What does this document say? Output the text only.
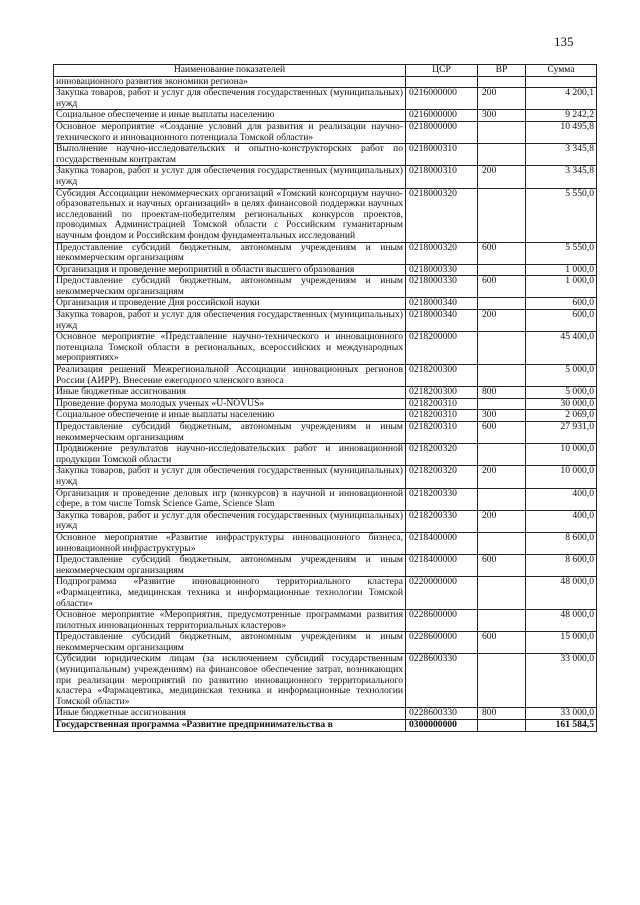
135
Наименование показателей	ЦСР	ВР	Сумма
инновационного развития экономики региона»			
Закупка товаров, работ и услуг для обеспечения государственных (муниципальных) нужд	0216000000	200	4 200,1
Социальное обеспечение и иные выплаты населению	0216000000	300	9 242,2
Основное мероприятие «Создание условий для развития и реализации научно-технического и инновационного потенциала Томской области»	0218000000		10 495,8
Выполнение научно-исследовательских и опытно-конструкторских работ по государственным контрактам	0218000310		3 345,8
Закупка товаров, работ и услуг для обеспечения государственных (муниципальных) нужд	0218000310	200	3 345,8
Субсидия Ассоциации некоммерческих организаций «Томский консорциум научно-образовательных и научных организаций» в целях финансовой поддержки научных исследований по проектам-победителям региональных конкурсов проектов, проводимых Администрацией Томской области с Российским гуманитарным научным фондом и Российским фондом фундаментальных исследований	0218000320		5 550,0
Предоставление субсидий бюджетным, автономным учреждениям и иным некоммерческим организациям	0218000320	600	5 550,0
Организация и проведение мероприятий в области высшего образования	0218000330		1 000,0
Предоставление субсидий бюджетным, автономным учреждениям и иным некоммерческим организациям	0218000330	600	1 000,0
Организация и проведение Дня российской науки	0218000340		600,0
Закупка товаров, работ и услуг для обеспечения государственных (муниципальных) нужд	0218000340	200	600,0
Основное мероприятие «Представление научно-технического и инновационного потенциала Томской области в региональных, всероссийских и международных мероприятиях»	0218200000		45 400,0
Реализация решений Межрегиональной Ассоциации инновационных регионов России (АИРР). Внесение ежегодного членского взноса	0218200300		5 000,0
Иные бюджетные ассигнования	0218200300	800	5 000,0
Проведение форума молодых ученых «U-NOVUS»	0218200310		30 000,0
Социальное обеспечение и иные выплаты населению	0218200310	300	2 069,0
Предоставление субсидий бюджетным, автономным учреждениям и иным некоммерческим организациям	0218200310	600	27 931,0
Продвижение результатов научно-исследовательских работ и инновационной продукции Томской области	0218200320		10 000,0
Закупка товаров, работ и услуг для обеспечения государственных (муниципальных) нужд	0218200320	200	10 000,0
Организация и проведение деловых игр (конкурсов) в научной и инновационной сфере, в том числе Tomsk Science Game, Science Slam	0218200330		400,0
Закупка товаров, работ и услуг для обеспечения государственных (муниципальных) нужд	0218200330	200	400,0
Основное мероприятие «Развитие инфраструктуры инновационного бизнеса, инновационной инфраструктуры»	0218400000		8 600,0
Предоставление субсидий бюджетным, автономным учреждениям и иным некоммерческим организациям	0218400000	600	8 600,0
Подпрограмма «Развитие инновационного территориального кластера «Фармацевтика, медицинская техника и информационные технологии Томской области»	0220000000		48 000,0
Основное мероприятие «Мероприятия, предусмотренные программами развития пилотных инновационных территориальных кластеров»	0228600000		48 000,0
Предоставление субсидий бюджетным, автономным учреждениям и иным некоммерческим организациям	0228600000	600	15 000,0
Субсидии юридическим лицам (за исключением субсидий государственным (муниципальным) учреждениям) на финансовое обеспечение затрат, возникающих при реализации мероприятий по развитию инновационного территориального кластера «Фармацевтика, медицинская техника и информационные технологии Томской области»	0228600330		33 000,0
Иные бюджетные ассигнования	0228600330	800	33 000,0
Государственная программа «Развитие предпринимательства в	0300000000		161 584,5
